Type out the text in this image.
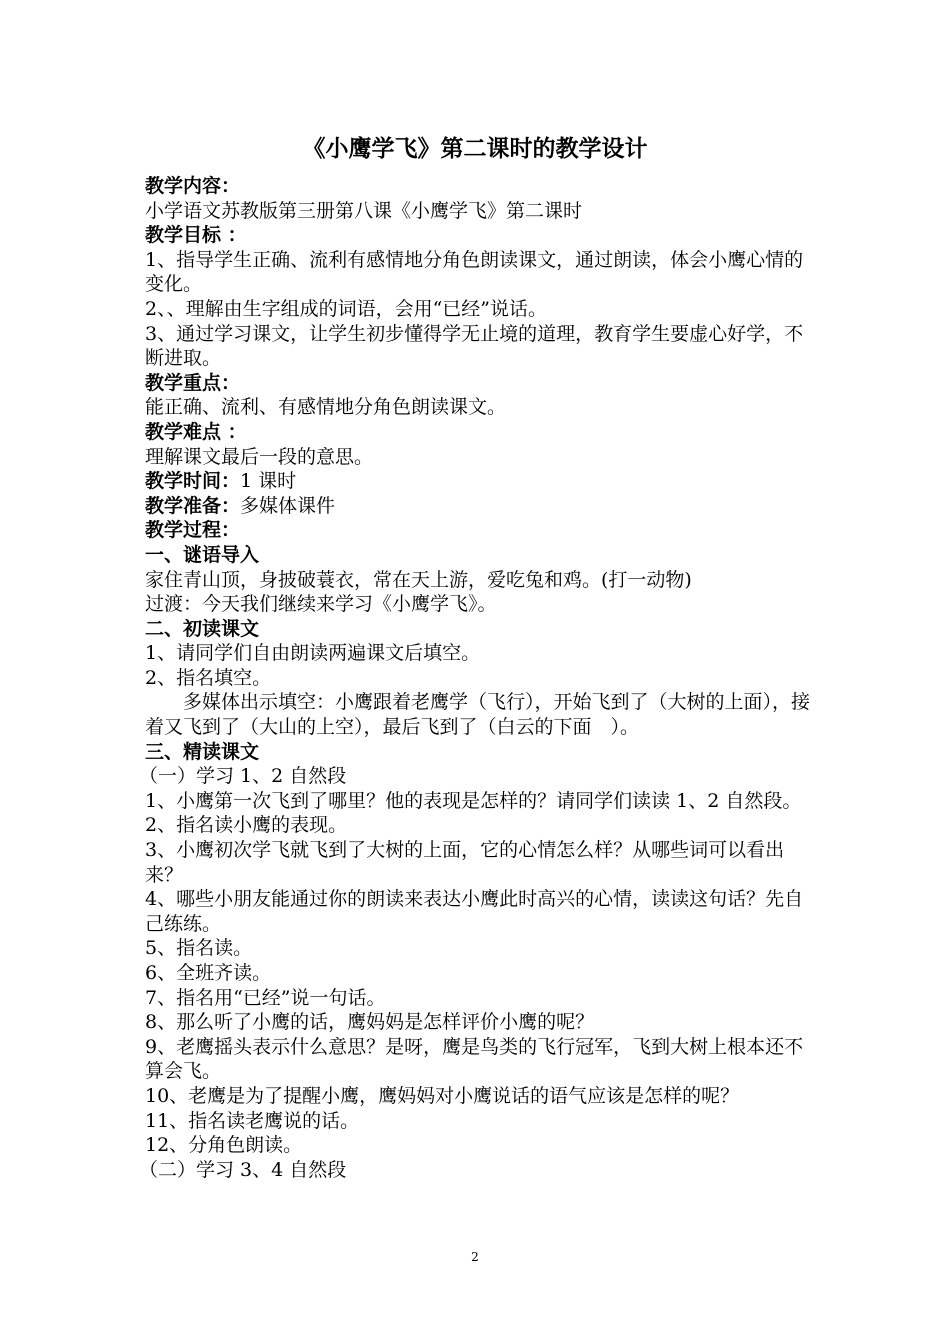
《小鹰学飞》第二课时的教学设计

教学内容：

小学语文苏教版第三册第八课《小鹰学飞》第二课时

教学目标 ：

1、指导学生正确、流利有感情地分角色朗读课文，通过朗读，体会小鹰心情的变化。

2、、理解由生字组成的词语，会用“已经”说话。

3、通过学习课文，让学生初步懂得学无止境的道理，教育学生要虚心好学，不断进取。

教学重点：

能正确、流利、有感情地分角色朗读课文。

教学难点 ：

理解课文最后一段的意思。

教学时间：1 课时

教学准备：多媒体课件

教学过程：

一、谜语导入

家住青山顶，身披破蓑衣，常在天上游，爱吃兔和鸡。(打一动物)

过渡：今天我们继续来学习《小鹰学飞》。

二、初读课文

1、请同学们自由朗读两遍课文后填空。

2、指名填空。

多媒体出示填空：小鹰跟着老鹰学（飞行），开始飞到了（大树的上面），接着又飞到了（大山的上空），最后飞到了（白云的下面　）。

三、精读课文

（一）学习 1、2 自然段

1、小鹰第一次飞到了哪里？他的表现是怎样的？请同学们读读 1、2 自然段。

2、指名读小鹰的表现。

3、小鹰初次学飞就飞到了大树的上面，它的心情怎么样？从哪些词可以看出来？

4、哪些小朋友能通过你的朗读来表达小鹰此时高兴的心情，读读这句话？先自己练练。

5、指名读。

6、全班齐读。

7、指名用“已经”说一句话。

8、那么听了小鹰的话，鹰妈妈是怎样评价小鹰的呢？

9、老鹰摇头表示什么意思？是呀，鹰是鸟类的飞行冠军，飞到大树上根本还不算会飞。

10、老鹰是为了提醒小鹰，鹰妈妈对小鹰说话的语气应该是怎样的呢？

11、指名读老鹰说的话。

12、分角色朗读。

（二）学习 3、4 自然段

2
